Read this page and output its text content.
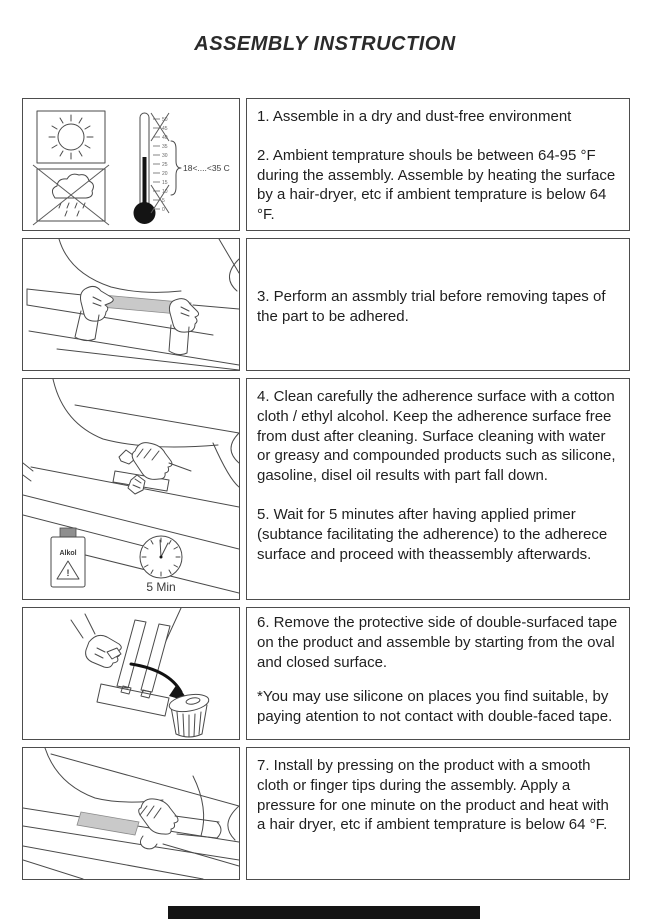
ASSEMBLY INSTRUCTION
50
45
40
35
30
25
20
15
10
5
0
18<....<35 C

1. Assemble in a dry and dust-free environment

2. Ambient temprature shouls be between 64-95 °F during the assembly. Assemble by heating the surface by a hair-dryer, etc if ambient temprature is below 64 °F.

3. Perform an assmbly trial before removing tapes of the part to be adhered.

Alkol
!
5 Min

4. Clean carefully the adherence surface with a cotton cloth / ethyl alcohol. Keep the adherence surface free from dust after cleaning. Surface cleaning with water or greasy and compounded products such as silicone, gasoline, disel oil results with part fall down.

5. Wait for 5 minutes after having applied primer (subtance facilitating the adherence) to the adherece surface and proceed with theassembly afterwards.

6. Remove the protective side of double-surfaced tape on the product and assemble by starting from the oval and closed surface.

*You may use silicone on places you find suitable, by paying atention to not contact with double-faced tape.

7. Install by pressing on the product with a smooth cloth or finger tips during the assembly. Apply a pressure for one minute on the product and heat with a hair dryer, etc if ambient temprature is below 64 °F.
